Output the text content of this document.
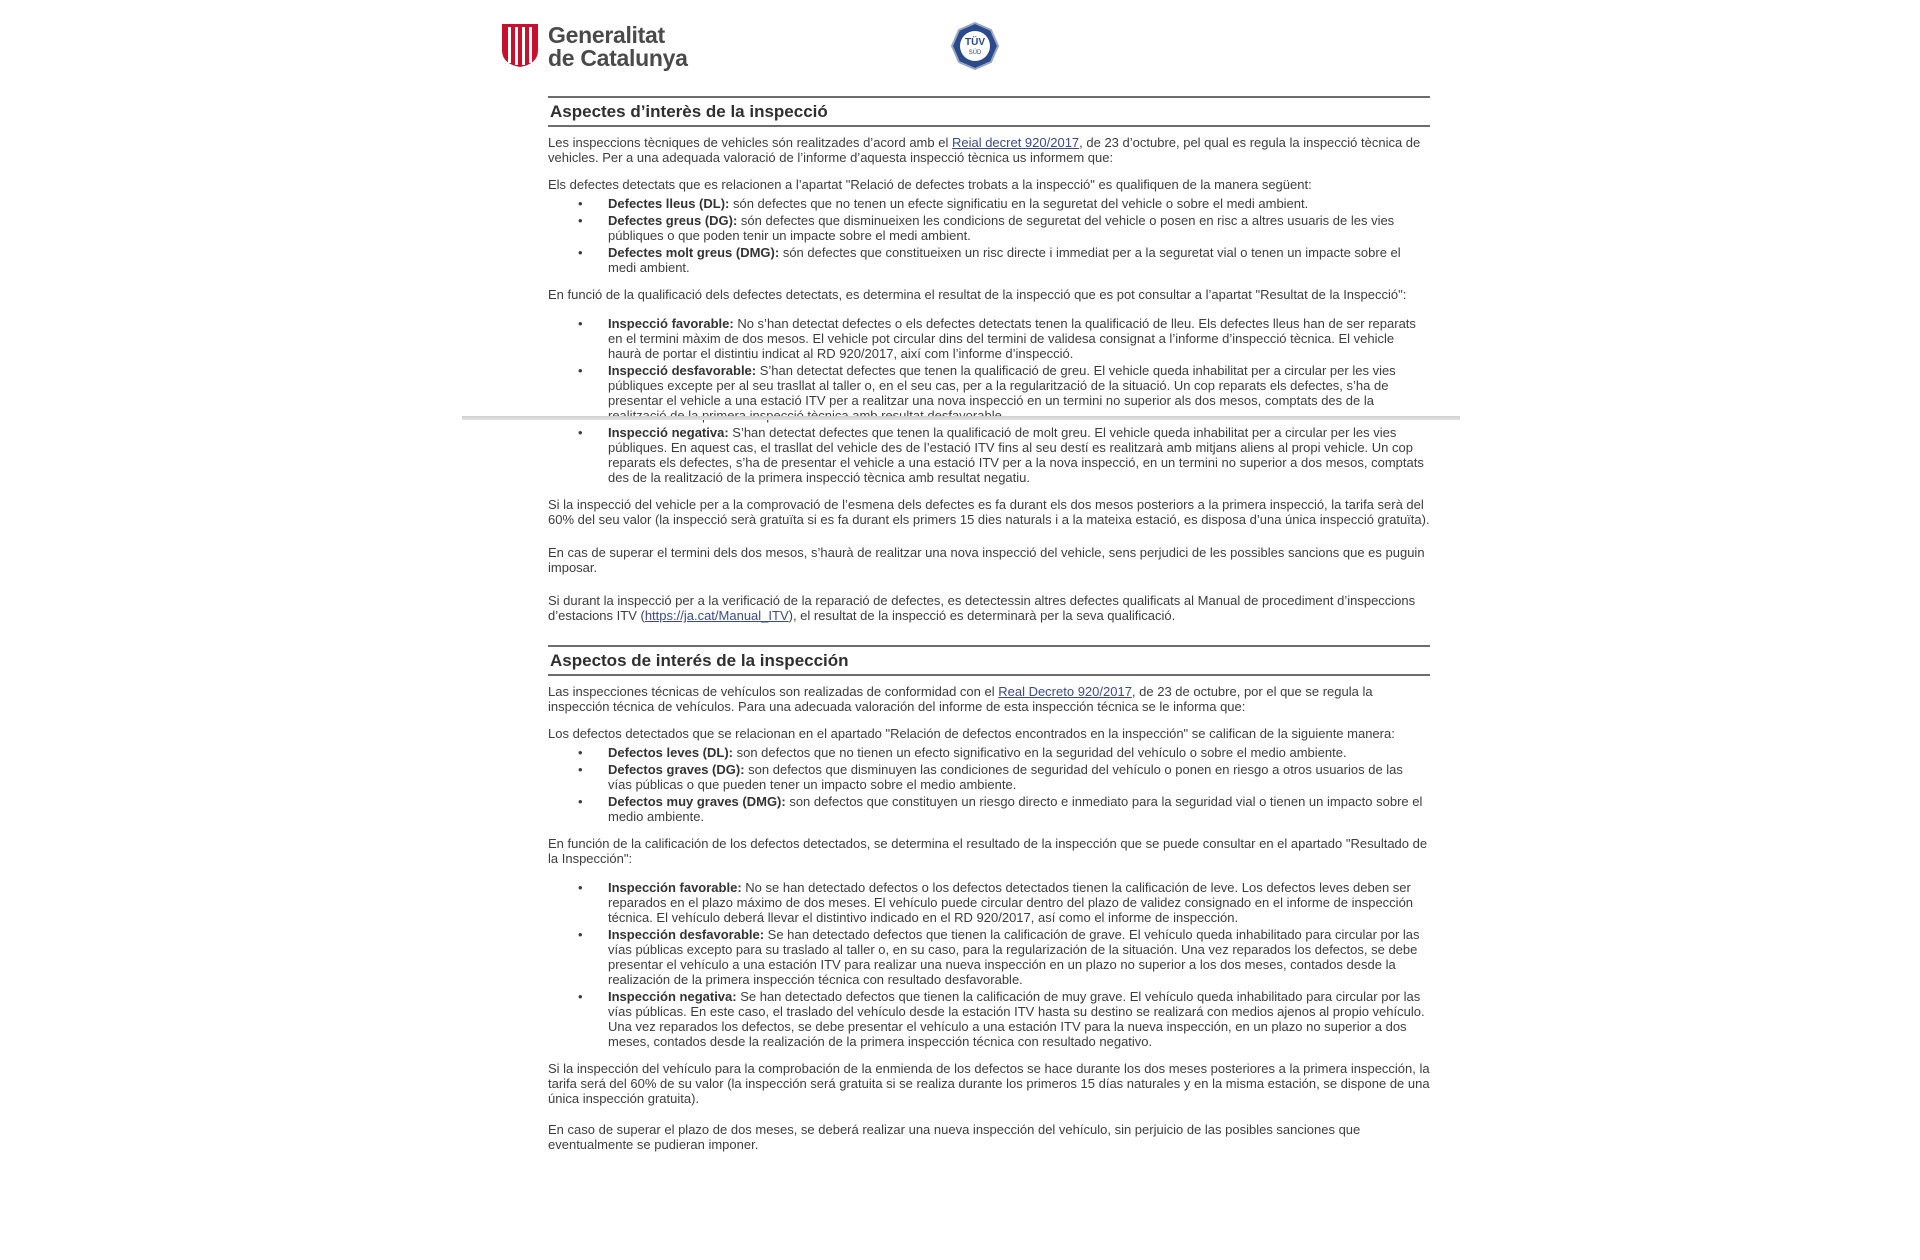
Generalitat
de Catalunya
TÜV
SÜD
Aspectes d’interès de la inspecció

Les inspeccions tècniques de vehicles són realitzades d’acord amb el Reial decret 920/2017, de 23 d’octubre, pel qual es regula la inspecció tècnica de vehicles. Per a una adequada valoració de l’informe d’aquesta inspecció tècnica us informem que:

Els defectes detectats que es relacionen a l’apartat "Relació de defectes trobats a la inspecció" es qualifiquen de la manera següent:

• Defectes lleus (DL): són defectes que no tenen un efecte significatiu en la seguretat del vehicle o sobre el medi ambient.
• Defectes greus (DG): són defectes que disminueixen les condicions de seguretat del vehicle o posen en risc a altres usuaris de les vies públiques o que poden tenir un impacte sobre el medi ambient.
• Defectes molt greus (DMG): són defectes que constitueixen un risc directe i immediat per a la seguretat vial o tenen un impacte sobre el medi ambient.

En funció de la qualificació dels defectes detectats, es determina el resultat de la inspecció que es pot consultar a l’apartat "Resultat de la Inspecció":

• Inspecció favorable: No s’han detectat defectes o els defectes detectats tenen la qualificació de lleu. Els defectes lleus han de ser reparats en el termini màxim de dos mesos. El vehicle pot circular dins del termini de validesa consignat a l’informe d’inspecció tècnica. El vehicle haurà de portar el distintiu indicat al RD 920/2017, així com l’informe d’inspecció.
• Inspecció desfavorable: S’han detectat defectes que tenen la qualificació de greu. El vehicle queda inhabilitat per a circular per les vies públiques excepte per al seu trasllat al taller o, en el seu cas, per a la regularització de la situació. Un cop reparats els defectes, s’ha de presentar el vehicle a una estació ITV per a realitzar una nova inspecció en un termini no superior als dos mesos, comptats des de la
• Inspecció negativa: S’han detectat defectes que tenen la qualificació de molt greu. El vehicle queda inhabilitat per a circular per les vies públiques. En aquest cas, el trasllat del vehicle des de l’estació ITV fins al seu destí es realitzarà amb mitjans aliens al propi vehicle. Un cop reparats els defectes, s’ha de presentar el vehicle a una estació ITV per a la nova inspecció, en un termini no superior a dos mesos, comptats des de la realització de la primera inspecció tècnica amb resultat negatiu.

Si la inspecció del vehicle per a la comprovació de l’esmena dels defectes es fa durant els dos mesos posteriors a la primera inspecció, la tarifa serà del 60% del seu valor (la inspecció serà gratuïta si es fa durant els primers 15 dies naturals i a la mateixa estació, es disposa d’una única inspecció gratuïta).

En cas de superar el termini dels dos mesos, s’haurà de realitzar una nova inspecció del vehicle, sens perjudici de les possibles sancions que es puguin imposar.

Si durant la inspecció per a la verificació de la reparació de defectes, es detectessin altres defectes qualificats al Manual de procediment d’inspeccions d’estacions ITV (https://ja.cat/Manual_ITV), el resultat de la inspecció es determinarà per la seva qualificació.

Aspectos de interés de la inspección

Las inspecciones técnicas de vehículos son realizadas de conformidad con el Real Decreto 920/2017, de 23 de octubre, por el que se regula la inspección técnica de vehículos. Para una adecuada valoración del informe de esta inspección técnica se le informa que:

Los defectos detectados que se relacionan en el apartado "Relación de defectos encontrados en la inspección" se califican de la siguiente manera:

• Defectos leves (DL): son defectos que no tienen un efecto significativo en la seguridad del vehículo o sobre el medio ambiente.
• Defectos graves (DG): son defectos que disminuyen las condiciones de seguridad del vehículo o ponen en riesgo a otros usuarios de las vías públicas o que pueden tener un impacto sobre el medio ambiente.
• Defectos muy graves (DMG): son defectos que constituyen un riesgo directo e inmediato para la seguridad vial o tienen un impacto sobre el medio ambiente.

En función de la calificación de los defectos detectados, se determina el resultado de la inspección que se puede consultar en el apartado "Resultado de la Inspección":

• Inspección favorable: No se han detectado defectos o los defectos detectados tienen la calificación de leve. Los defectos leves deben ser reparados en el plazo máximo de dos meses. El vehículo puede circular dentro del plazo de validez consignado en el informe de inspección técnica. El vehículo deberá llevar el distintivo indicado en el RD 920/2017, así como el informe de inspección.
• Inspección desfavorable: Se han detectado defectos que tienen la calificación de grave. El vehículo queda inhabilitado para circular por las vías públicas excepto para su traslado al taller o, en su caso, para la regularización de la situación. Una vez reparados los defectos, se debe presentar el vehículo a una estación ITV para realizar una nueva inspección en un plazo no superior a los dos meses, contados desde la realización de la primera inspección técnica con resultado desfavorable.
• Inspección negativa: Se han detectado defectos que tienen la calificación de muy grave. El vehículo queda inhabilitado para circular por las vías públicas. En este caso, el traslado del vehículo desde la estación ITV hasta su destino se realizará con medios ajenos al propio vehículo. Una vez reparados los defectos, se debe presentar el vehículo a una estación ITV para la nueva inspección, en un plazo no superior a dos meses, contados desde la realización de la primera inspección técnica con resultado negativo.

Si la inspección del vehículo para la comprobación de la enmienda de los defectos se hace durante los dos meses posteriores a la primera inspección, la tarifa será del 60% de su valor (la inspección será gratuita si se realiza durante los primeros 15 días naturales y en la misma estación, se dispone de una única inspección gratuita).

En caso de superar el plazo de dos meses, se deberá realizar una nueva inspección del vehículo, sin perjuicio de las posibles sanciones que eventualmente se pudieran imponer.
